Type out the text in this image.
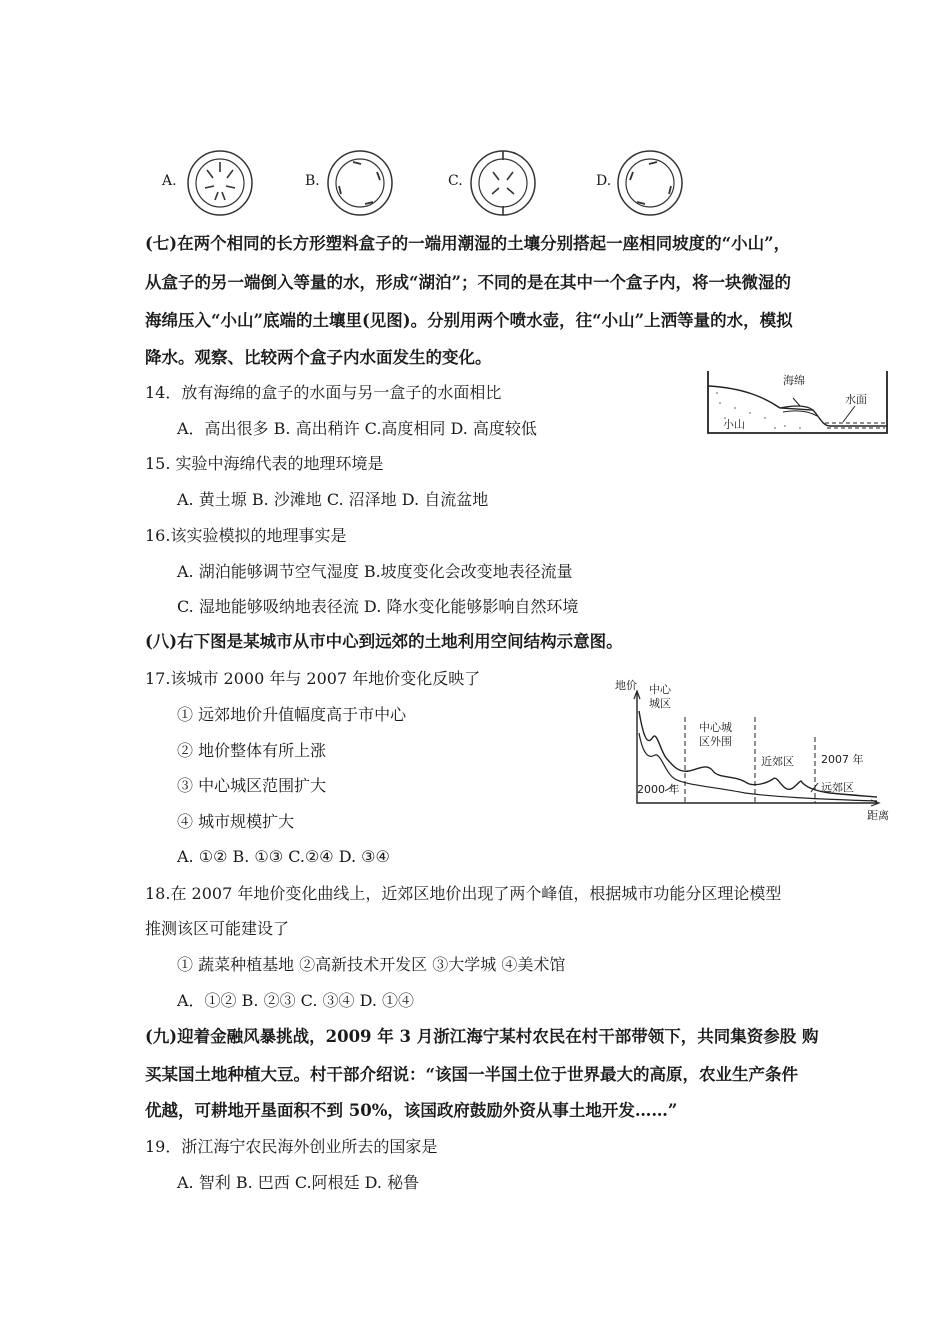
A.	B.	C.	D.
(七)在两个相同的长方形塑料盒子的一端用潮湿的土壤分别搭起一座相同坡度的“小山”，
从盒子的另一端倒入等量的水，形成“湖泊”；不同的是在其中一个盒子内，将一块微湿的
海绵压入“小山”底端的土壤里(见图)。分别用两个喷水壶，往“小山”上洒等量的水，模拟
降水。观察、比较两个盒子内水面发生的变化。
海绵
水面
小山
14．放有海绵的盒子的水面与另一盒子的水面相比
A．高出很多 B. 高出稍许 C.高度相同 D. 高度较低
15. 实验中海绵代表的地理环境是
A. 黄土塬 B. 沙滩地 C. 沼泽地 D. 自流盆地
16.该实验模拟的地理事实是
A. 湖泊能够调节空气湿度 B.坡度变化会改变地表径流量
C. 湿地能够吸纳地表径流 D. 降水变化能够影响自然环境
(八)右下图是某城市从市中心到远郊的土地利用空间结构示意图。
17.该城市 2000 年与 2007 年地价变化反映了
① 远郊地价升值幅度高于市中心
② 地价整体有所上涨
③ 中心城区范围扩大
④ 城市规模扩大
A. ①② B. ①③ C.②④ D. ③④
地价
距离
中心
城区
中心城
区外围
近郊区 2007 年
远郊区
2000 年
18.在 2007 年地价变化曲线上，近郊区地价出现了两个峰值，根据城市功能分区理论模型
推测该区可能建设了
① 蔬菜种植基地 ②高新技术开发区 ③大学城 ④美术馆
A．①② B. ②③ C. ③④ D. ①④
(九)迎着金融风暴挑战，2009 年 3 月浙江海宁某村农民在村干部带领下，共同集资参股 购
买某国土地种植大豆。村干部介绍说：“该国一半国土位于世界最大的高原，农业生产条件
优越，可耕地开垦面积不到 50%，该国政府鼓励外资从事土地开发……”
19．浙江海宁农民海外创业所去的国家是
A. 智利 B. 巴西 C.阿根廷 D. 秘鲁
